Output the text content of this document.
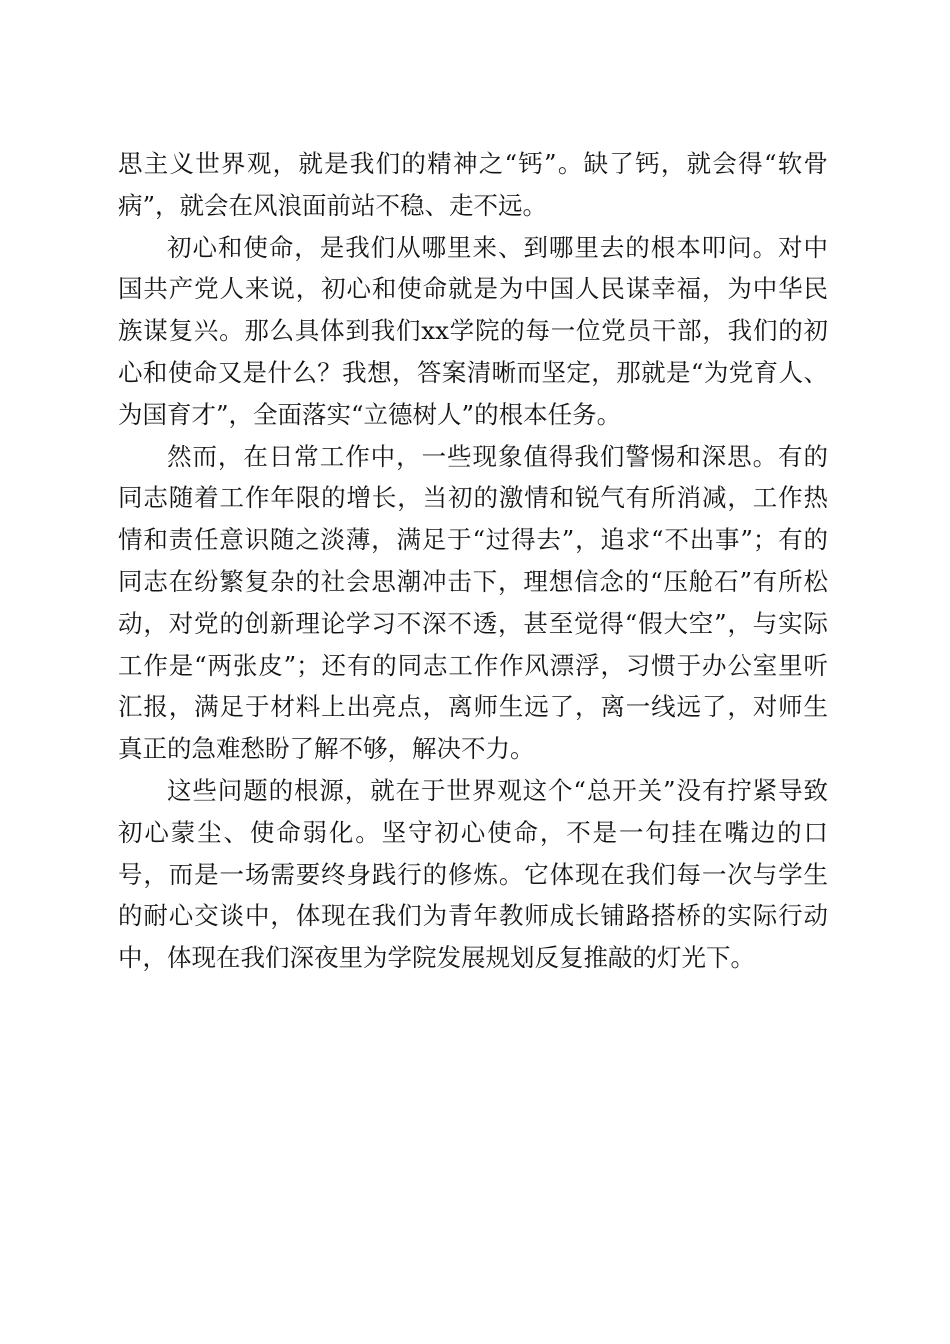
思主义世界观，就是我们的精神之“钙”。缺了钙，就会得“软骨病”，就会在风浪面前站不稳、走不远。

初心和使命，是我们从哪里来、到哪里去的根本叩问。对中国共产党人来说，初心和使命就是为中国人民谋幸福，为中华民族谋复兴。那么具体到我们xx学院的每一位党员干部，我们的初心和使命又是什么？我想，答案清晰而坚定，那就是“为党育人、为国育才”，全面落实“立德树人”的根本任务。

然而，在日常工作中，一些现象值得我们警惕和深思。有的同志随着工作年限的增长，当初的激情和锐气有所消减，工作热情和责任意识随之淡薄，满足于“过得去”，追求“不出事”；有的同志在纷繁复杂的社会思潮冲击下，理想信念的“压舱石”有所松动，对党的创新理论学习不深不透，甚至觉得“假大空”，与实际工作是“两张皮”；还有的同志工作作风漂浮，习惯于办公室里听汇报，满足于材料上出亮点，离师生远了，离一线远了，对师生真正的急难愁盼了解不够，解决不力。

这些问题的根源，就在于世界观这个“总开关”没有拧紧导致初心蒙尘、使命弱化。坚守初心使命，不是一句挂在嘴边的口号，而是一场需要终身践行的修炼。它体现在我们每一次与学生的耐心交谈中，体现在我们为青年教师成长铺路搭桥的实际行动中，体现在我们深夜里为学院发展规划反复推敲的灯光下。
